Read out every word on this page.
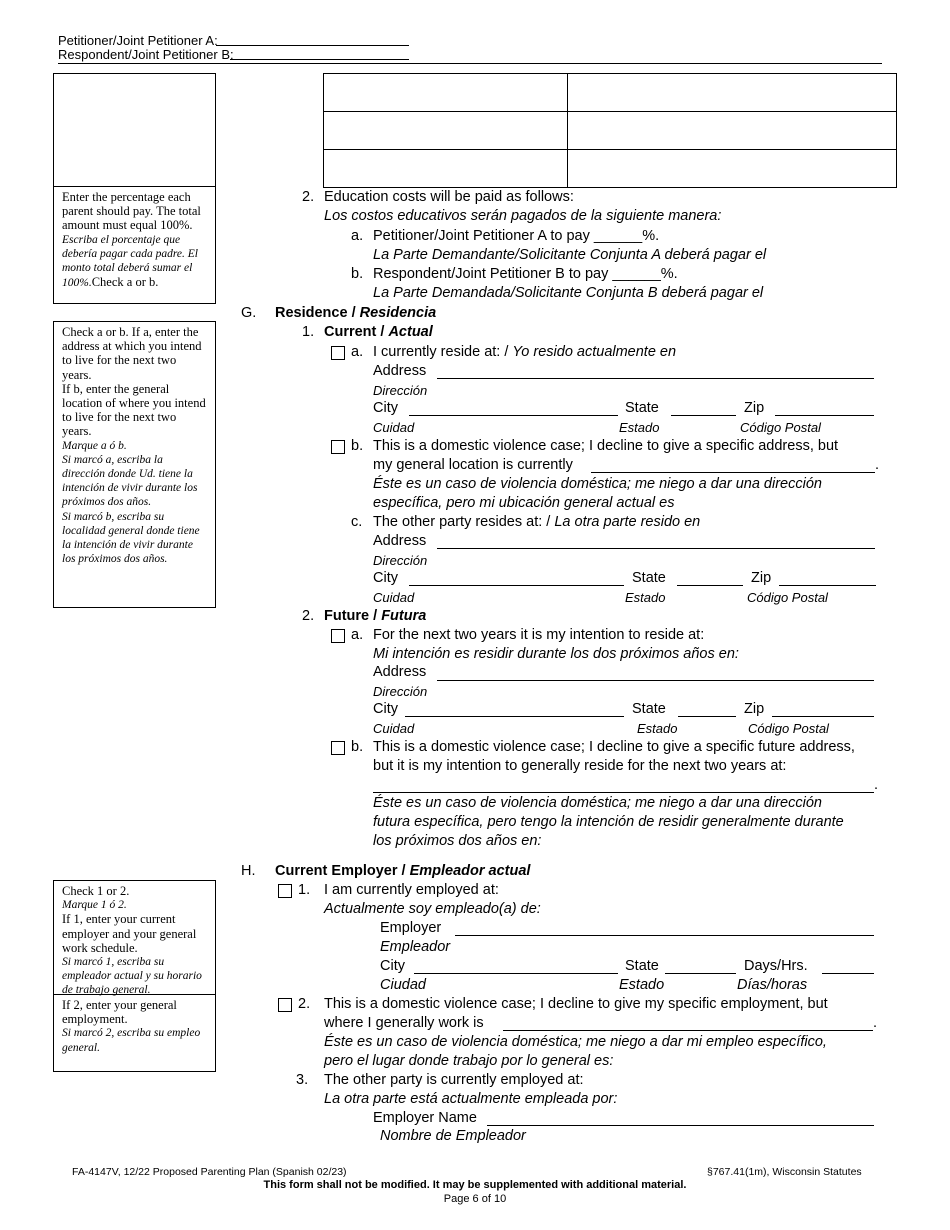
Petitioner/Joint Petitioner A:
Respondent/Joint Petitioner B:

Enter the percentage each parent should pay. The total amount must equal 100%.

Escriba el porcentaje que debería pagar cada padre. El monto total deberá sumar el 100%.Check a or b.

Check a or b. If a, enter the address at which you intend to live for the next two years.

If b, enter the general location of where you intend to live for the next two years.

Marque a ó b.

Si marcó a, escriba la dirección donde Ud. tiene la intención de vivir durante los próximos dos años.

Si marcó b, escriba su localidad general donde tiene la intención de vivir durante los próximos dos años.

Check 1 or 2.

Marque 1 ó 2.

If 1, enter your current employer and your general work schedule.

Si marcó 1, escriba su empleador actual y su horario de trabajo general.

If 2, enter your general employment.

Si marcó 2, escriba su empleo general.

2. Education costs will be paid as follows:
Los costos educativos serán pagados de la siguiente manera:
a. Petitioner/Joint Petitioner A to pay ______%.
La Parte Demandante/Solicitante Conjunta A deberá pagar el
b. Respondent/Joint Petitioner B to pay ______%.
La Parte Demandada/Solicitante Conjunta B deberá pagar el
G. Residence / Residencia
1. Current / Actual
a. I currently reside at: / Yo resido actualmente en
Address
Dirección
City	State	Zip
Cuidad	Estado	Código Postal
b. This is a domestic violence case; I decline to give a specific address, but
my general location is currently	.
Éste es un caso de violencia doméstica; me niego a dar una dirección
específica, pero mi ubicación general actual es
c. The other party resides at: / La otra parte resido en
Address
Dirección
City	State	Zip
Cuidad	Estado	Código Postal
2. Future / Futura
a. For the next two years it is my intention to reside at:
Mi intención es residir durante los dos próximos años en:
Address
Dirección
City	State	Zip
Cuidad	Estado	Código Postal
b. This is a domestic violence case; I decline to give a specific future address,
but it is my intention to generally reside for the next two years at:
.
Éste es un caso de violencia doméstica; me niego a dar una dirección
futura específica, pero tengo la intención de residir generalmente durante
los próximos dos años en:
H. Current Employer / Empleador actual
1. I am currently employed at:
Actualmente soy empleado(a) de:
Employer
Empleador
City	State	Days/Hrs.
Ciudad	Estado	Días/horas
2. This is a domestic violence case; I decline to give my specific employment, but
where I generally work is	.
Éste es un caso de violencia doméstica; me niego a dar mi empleo específico,
pero el lugar donde trabajo por lo general es:
3. The other party is currently employed at:
La otra parte está actualmente empleada por:
Employer Name
Nombre de Empleador
FA-4147V, 12/22 Proposed Parenting Plan (Spanish 02/23)	§767.41(1m), Wisconsin Statutes
This form shall not be modified. It may be supplemented with additional material.
Page 6 of 10
